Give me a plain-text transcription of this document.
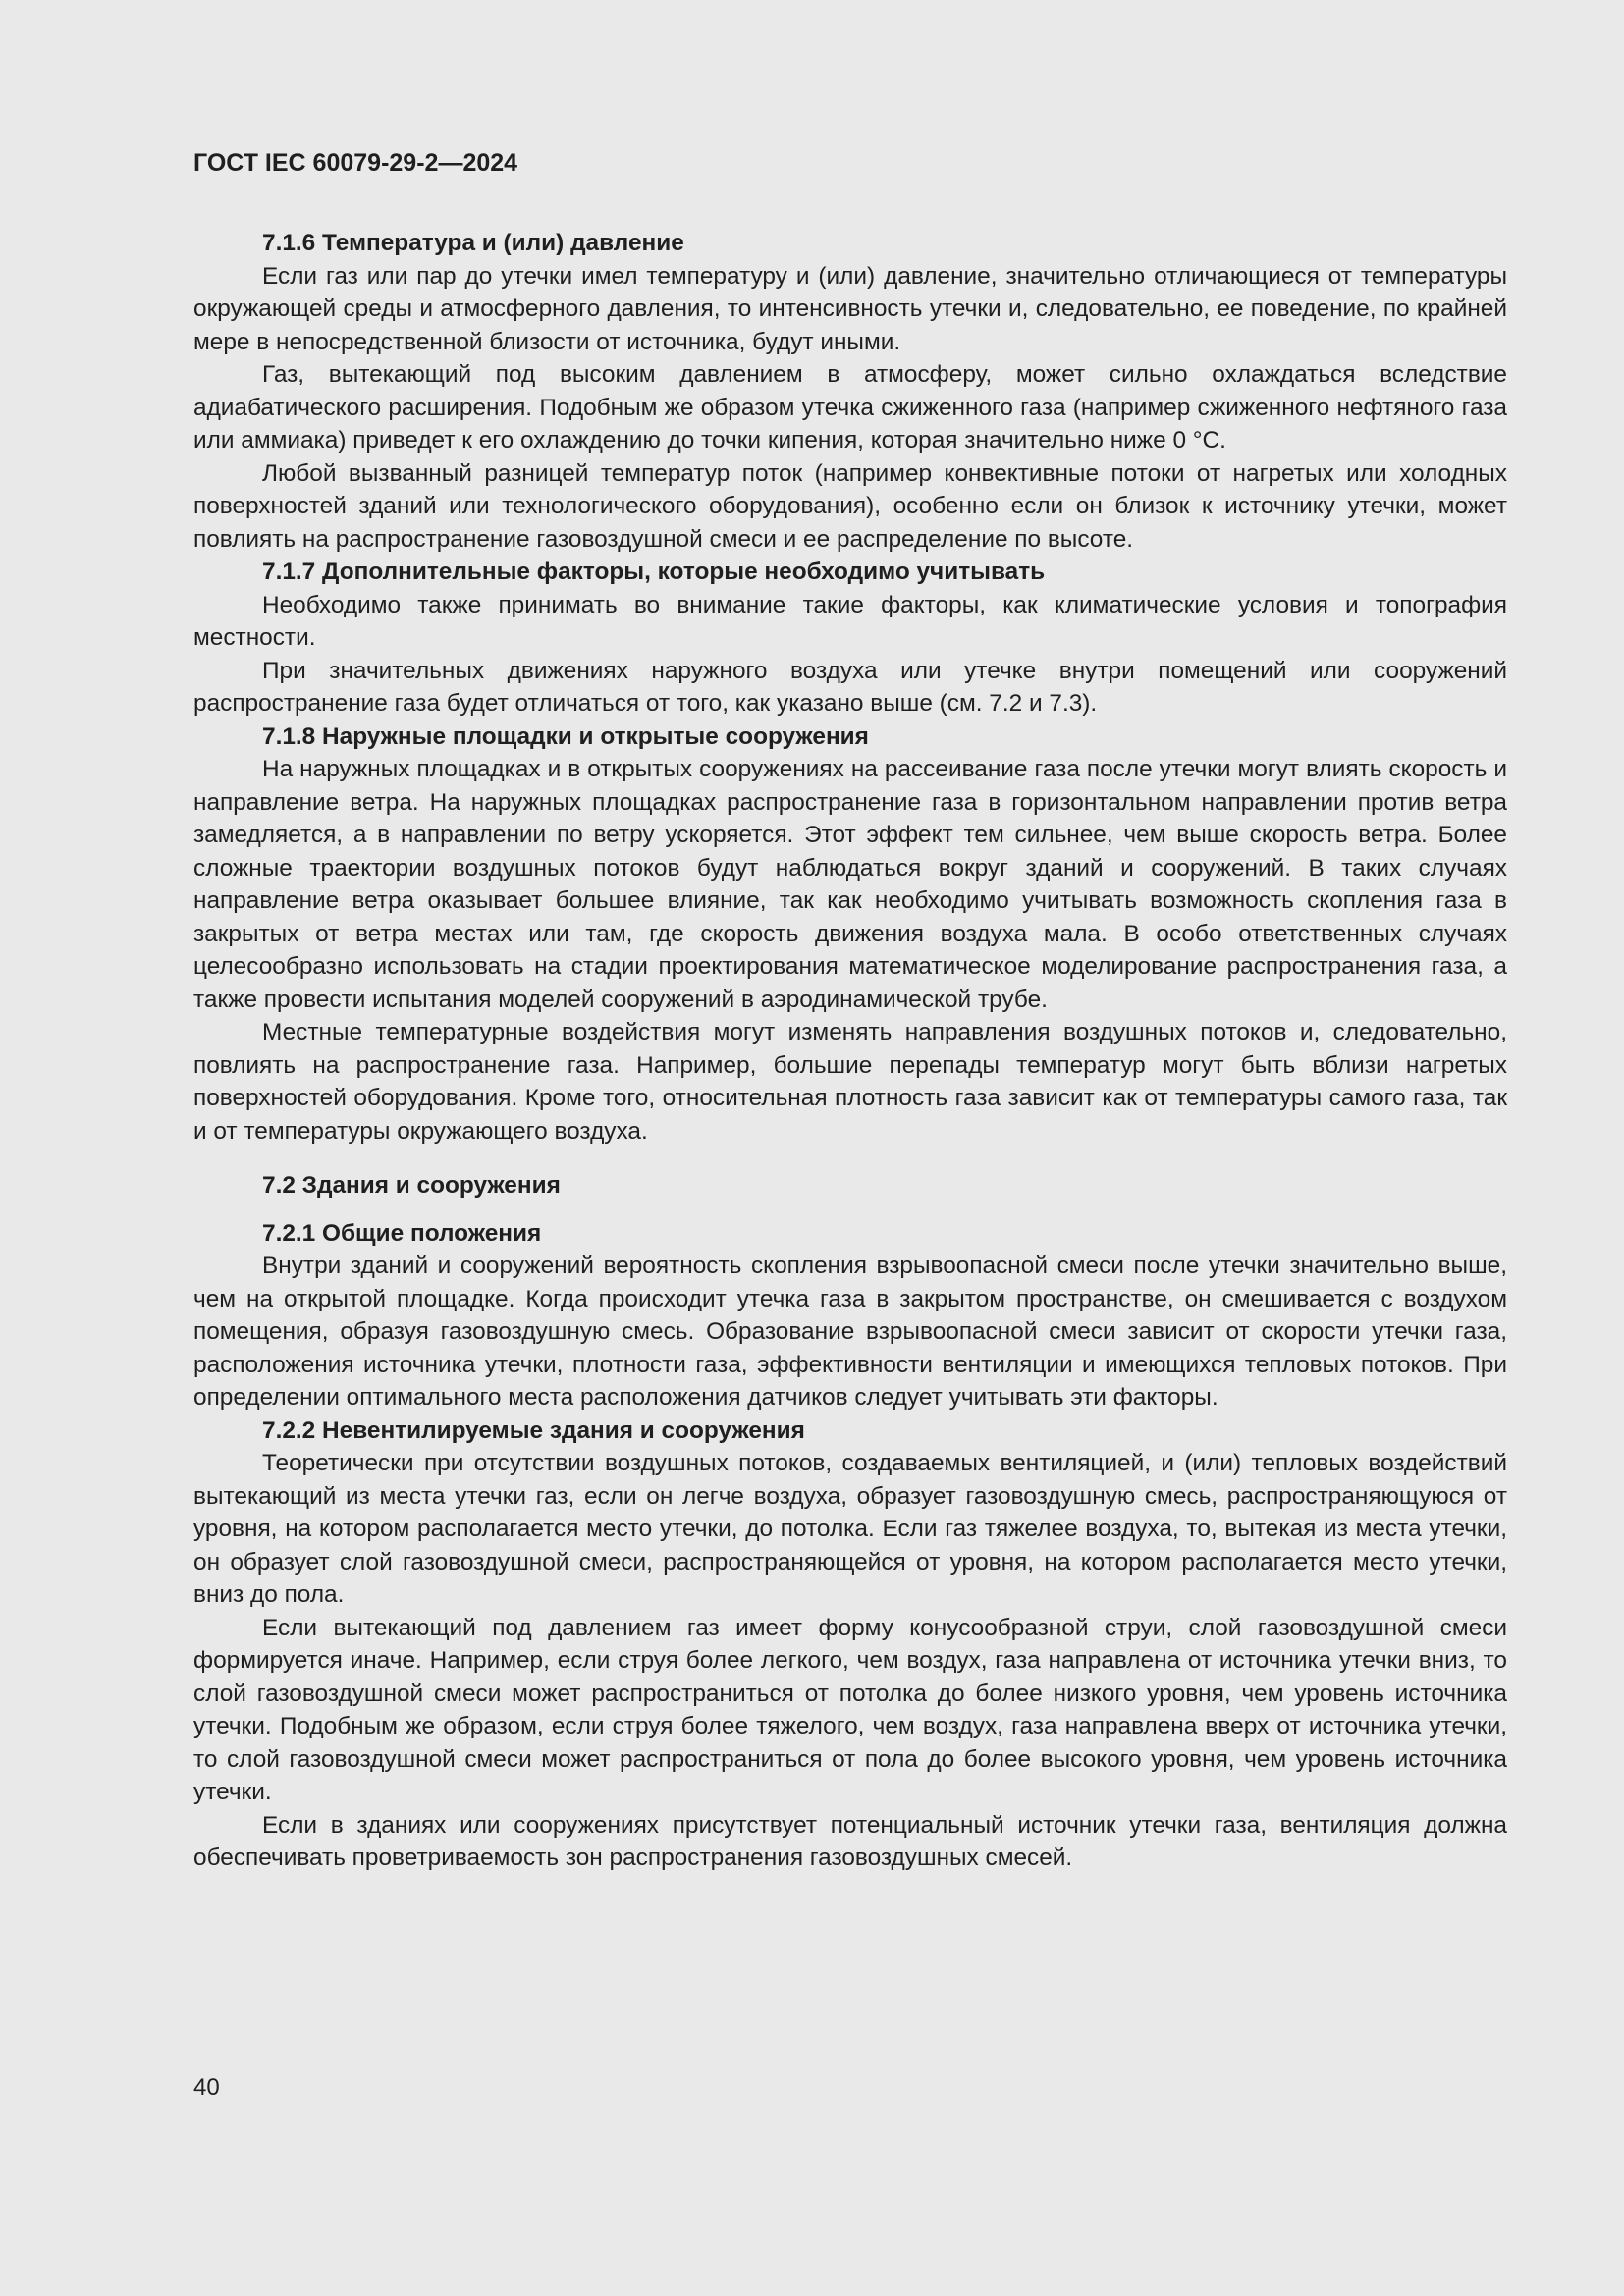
ГОСТ IEC 60079-29-2—2024
7.1.6 Температура и (или) давление

Если газ или пар до утечки имел температуру и (или) давление, значительно отличающиеся от температуры окружающей среды и атмосферного давления, то интенсивность утечки и, следовательно, ее поведение, по крайней мере в непосредственной близости от источника, будут иными.

Газ, вытекающий под высоким давлением в атмосферу, может сильно охлаждаться вследствие адиабатического расширения. Подобным же образом утечка сжиженного газа (например сжиженного нефтяного газа или аммиака) приведет к его охлаждению до точки кипения, которая значительно ниже 0 °С.

Любой вызванный разницей температур поток (например конвективные потоки от нагретых или холодных поверхностей зданий или технологического оборудования), особенно если он близок к источнику утечки, может повлиять на распространение газовоздушной смеси и ее распределение по высоте.

7.1.7 Дополнительные факторы, которые необходимо учитывать

Необходимо также принимать во внимание такие факторы, как климатические условия и топография местности.

При значительных движениях наружного воздуха или утечке внутри помещений или сооружений распространение газа будет отличаться от того, как указано выше (см. 7.2 и 7.3).

7.1.8 Наружные площадки и открытые сооружения

На наружных площадках и в открытых сооружениях на рассеивание газа после утечки могут влиять скорость и направление ветра. На наружных площадках распространение газа в горизонтальном направлении против ветра замедляется, а в направлении по ветру ускоряется. Этот эффект тем сильнее, чем выше скорость ветра. Более сложные траектории воздушных потоков будут наблюдаться вокруг зданий и сооружений. В таких случаях направление ветра оказывает большее влияние, так как необходимо учитывать возможность скопления газа в закрытых от ветра местах или там, где скорость движения воздуха мала. В особо ответственных случаях целесообразно использовать на стадии проектирования математическое моделирование распространения газа, а также провести испытания моделей сооружений в аэродинамической трубе.

Местные температурные воздействия могут изменять направления воздушных потоков и, следовательно, повлиять на распространение газа. Например, большие перепады температур могут быть вблизи нагретых поверхностей оборудования. Кроме того, относительная плотность газа зависит как от температуры самого газа, так и от температуры окружающего воздуха.

7.2 Здания и сооружения
7.2.1 Общие положения

Внутри зданий и сооружений вероятность скопления взрывоопасной смеси после утечки значительно выше, чем на открытой площадке. Когда происходит утечка газа в закрытом пространстве, он смешивается с воздухом помещения, образуя газовоздушную смесь. Образование взрывоопасной смеси зависит от скорости утечки газа, расположения источника утечки, плотности газа, эффективности вентиляции и имеющихся тепловых потоков. При определении оптимального места расположения датчиков следует учитывать эти факторы.

7.2.2 Невентилируемые здания и сооружения

Теоретически при отсутствии воздушных потоков, создаваемых вентиляцией, и (или) тепловых воздействий вытекающий из места утечки газ, если он легче воздуха, образует газовоздушную смесь, распространяющуюся от уровня, на котором располагается место утечки, до потолка. Если газ тяжелее воздуха, то, вытекая из места утечки, он образует слой газовоздушной смеси, распространяющейся от уровня, на котором располагается место утечки, вниз до пола.

Если вытекающий под давлением газ имеет форму конусообразной струи, слой газовоздушной смеси формируется иначе. Например, если струя более легкого, чем воздух, газа направлена от источника утечки вниз, то слой газовоздушной смеси может распространиться от потолка до более низкого уровня, чем уровень источника утечки. Подобным же образом, если струя более тяжелого, чем воздух, газа направлена вверх от источника утечки, то слой газовоздушной смеси может распространиться от пола до более высокого уровня, чем уровень источника утечки.

Если в зданиях или сооружениях присутствует потенциальный источник утечки газа, вентиляция должна обеспечивать проветриваемость зон распространения газовоздушных смесей.

40
